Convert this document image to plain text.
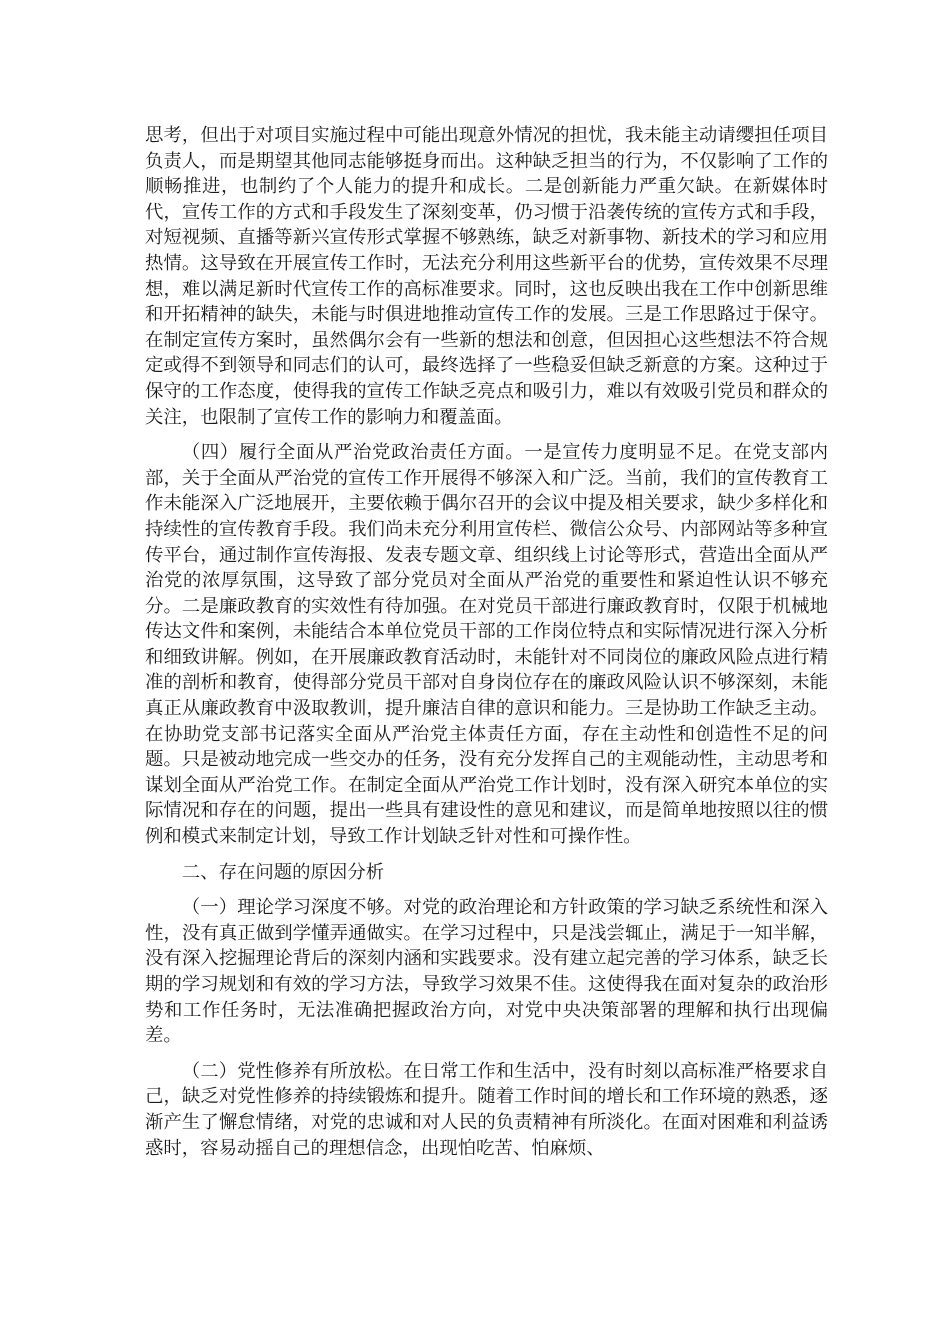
思考，但出于对项目实施过程中可能出现意外情况的担忧，我未能主动请缨担任项目负责人，而是期望其他同志能够挺身而出。这种缺乏担当的行为，不仅影响了工作的顺畅推进，也制约了个人能力的提升和成长。二是创新能力严重欠缺。在新媒体时代，宣传工作的方式和手段发生了深刻变革，仍习惯于沿袭传统的宣传方式和手段，对短视频、直播等新兴宣传形式掌握不够熟练，缺乏对新事物、新技术的学习和应用热情。这导致在开展宣传工作时，无法充分利用这些新平台的优势，宣传效果不尽理想，难以满足新时代宣传工作的高标准要求。同时，这也反映出我在工作中创新思维和开拓精神的缺失，未能与时俱进地推动宣传工作的发展。三是工作思路过于保守。在制定宣传方案时，虽然偶尔会有一些新的想法和创意，但因担心这些想法不符合规定或得不到领导和同志们的认可，最终选择了一些稳妥但缺乏新意的方案。这种过于保守的工作态度，使得我的宣传工作缺乏亮点和吸引力，难以有效吸引党员和群众的关注，也限制了宣传工作的影响力和覆盖面。

（四）履行全面从严治党政治责任方面。一是宣传力度明显不足。在党支部内部，关于全面从严治党的宣传工作开展得不够深入和广泛。当前，我们的宣传教育工作未能深入广泛地展开，主要依赖于偶尔召开的会议中提及相关要求，缺少多样化和持续性的宣传教育手段。我们尚未充分利用宣传栏、微信公众号、内部网站等多种宣传平台，通过制作宣传海报、发表专题文章、组织线上讨论等形式，营造出全面从严治党的浓厚氛围，这导致了部分党员对全面从严治党的重要性和紧迫性认识不够充分。二是廉政教育的实效性有待加强。在对党员干部进行廉政教育时，仅限于机械地传达文件和案例，未能结合本单位党员干部的工作岗位特点和实际情况进行深入分析和细致讲解。例如，在开展廉政教育活动时，未能针对不同岗位的廉政风险点进行精准的剖析和教育，使得部分党员干部对自身岗位存在的廉政风险认识不够深刻，未能真正从廉政教育中汲取教训，提升廉洁自律的意识和能力。三是协助工作缺乏主动。在协助党支部书记落实全面从严治党主体责任方面，存在主动性和创造性不足的问题。只是被动地完成一些交办的任务，没有充分发挥自己的主观能动性，主动思考和谋划全面从严治党工作。在制定全面从严治党工作计划时，没有深入研究本单位的实际情况和存在的问题，提出一些具有建设性的意见和建议，而是简单地按照以往的惯例和模式来制定计划，导致工作计划缺乏针对性和可操作性。

二、存在问题的原因分析

（一）理论学习深度不够。对党的政治理论和方针政策的学习缺乏系统性和深入性，没有真正做到学懂弄通做实。在学习过程中，只是浅尝辄止，满足于一知半解，没有深入挖掘理论背后的深刻内涵和实践要求。没有建立起完善的学习体系，缺乏长期的学习规划和有效的学习方法，导致学习效果不佳。这使得我在面对复杂的政治形势和工作任务时，无法准确把握政治方向，对党中央决策部署的理解和执行出现偏差。

（二）党性修养有所放松。在日常工作和生活中，没有时刻以高标准严格要求自己，缺乏对党性修养的持续锻炼和提升。随着工作时间的增长和工作环境的熟悉，逐渐产生了懈怠情绪，对党的忠诚和对人民的负责精神有所淡化。在面对困难和利益诱惑时，容易动摇自己的理想信念，出现怕吃苦、怕麻烦、
